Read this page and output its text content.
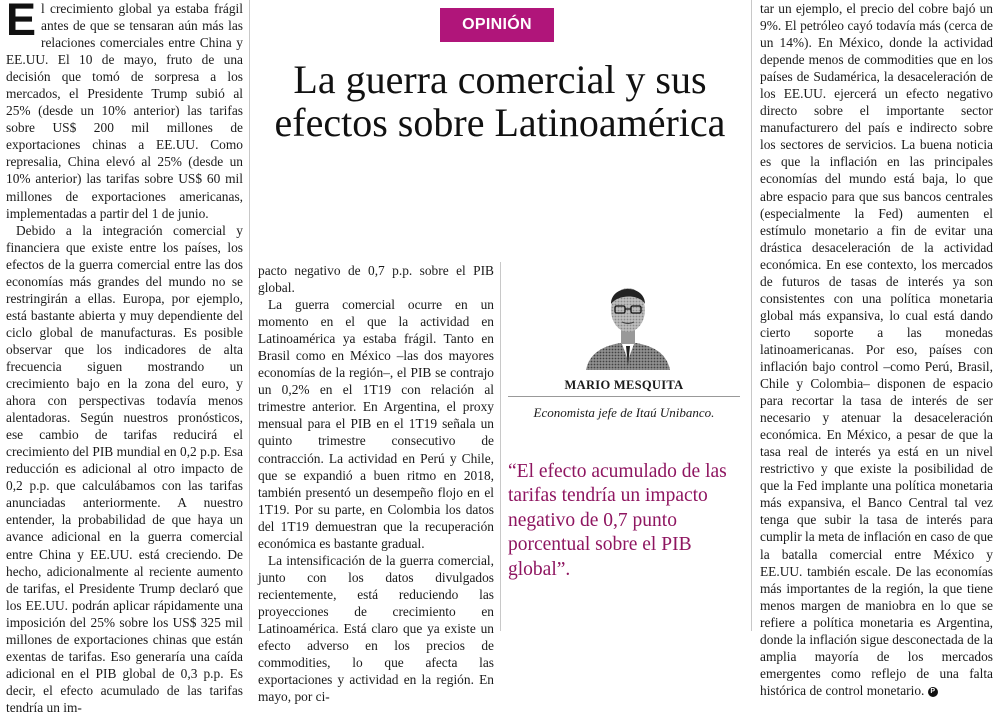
El crecimiento global ya estaba frágil antes de que se tensaran aún más las relaciones comerciales entre China y EE.UU. El 10 de mayo, fruto de una decisión que tomó de sorpresa a los mercados, el Presidente Trump subió al 25% (desde un 10% anterior) las tarifas sobre US$ 200 mil millones de exportaciones chinas a EE.UU. Como represalia, China elevó al 25% (desde un 10% anterior) las tarifas sobre US$ 60 mil millones de exportaciones americanas, implementadas a partir del 1 de junio.

Debido a la integración comercial y financiera que existe entre los países, los efectos de la guerra comercial entre las dos economías más grandes del mundo no se restringirán a ellas. Europa, por ejemplo, está bastante abierta y muy dependiente del ciclo global de manufacturas. Es posible observar que los indicadores de alta frecuencia siguen mostrando un crecimiento bajo en la zona del euro, y ahora con perspectivas todavía menos alentadoras. Según nuestros pronósticos, ese cambio de tarifas reducirá el crecimiento del PIB mundial en 0,2 p.p. Esa reducción es adicional al otro impacto de 0,2 p.p. que calculábamos con las tarifas anunciadas anteriormente. A nuestro entender, la probabilidad de que haya un avance adicional en la guerra comercial entre China y EE.UU. está creciendo. De hecho, adicionalmente al reciente aumento de tarifas, el Presidente Trump declaró que los EE.UU. podrán aplicar rápidamente una imposición del 25% sobre los US$ 325 mil millones de exportaciones chinas que están exentas de tarifas. Eso generaría una caída adicional en el PIB global de 0,3 p.p. Es decir, el efecto acumulado de las tarifas tendría un im-

OPINIÓN
La guerra comercial y sus efectos sobre Latinoamérica

pacto negativo de 0,7 p.p. sobre el PIB global.

La guerra comercial ocurre en un momento en el que la actividad en Latinoamérica ya estaba frágil. Tanto en Brasil como en México –las dos mayores economías de la región–, el PIB se contrajo un 0,2% en el 1T19 con relación al trimestre anterior. En Argentina, el proxy mensual para el PIB en el 1T19 señala un quinto trimestre consecutivo de contracción. La actividad en Perú y Chile, que se expandió a buen ritmo en 2018, también presentó un desempeño flojo en el 1T19. Por su parte, en Colombia los datos del 1T19 demuestran que la recuperación económica es bastante gradual.

La intensificación de la guerra comercial, junto con los datos divulgados recientemente, está reduciendo las proyecciones de crecimiento en Latinoamérica. Está claro que ya existe un efecto adverso en los precios de commodities, lo que afecta las exportaciones y actividad en la región. En mayo, por ci-

MARIO MESQUITA
Economista jefe de Itaú Unibanco.
“El efecto acumulado de las tarifas tendría un impacto negativo de 0,7 punto porcentual sobre el PIB global”.

tar un ejemplo, el precio del cobre bajó un 9%. El petróleo cayó todavía más (cerca de un 14%). En México, donde la actividad depende menos de commodities que en los países de Sudamérica, la desaceleración de los EE.UU. ejercerá un efecto negativo directo sobre el importante sector manufacturero del país e indirecto sobre los sectores de servicios. La buena noticia es que la inflación en las principales economías del mundo está baja, lo que abre espacio para que sus bancos centrales (especialmente la Fed) aumenten el estímulo monetario a fin de evitar una drástica desaceleración de la actividad económica. En ese contexto, los mercados de futuros de tasas de interés ya son consistentes con una política monetaria global más expansiva, lo cual está dando cierto soporte a las monedas latinoamericanas. Por eso, países con inflación bajo control –como Perú, Brasil, Chile y Colombia– disponen de espacio para recortar la tasa de interés de ser necesario y atenuar la desaceleración económica. En México, a pesar de que la tasa real de interés ya está en un nivel restrictivo y que existe la posibilidad de que la Fed implante una política monetaria más expansiva, el Banco Central tal vez tenga que subir la tasa de interés para cumplir la meta de inflación en caso de que la batalla comercial entre México y EE.UU. también escale. De las economías más importantes de la región, la que tiene menos margen de maniobra en lo que se refiere a política monetaria es Argentina, donde la inflación sigue desconectada de la amplia mayoría de los mercados emergentes como reflejo de una falta histórica de control monetario. P
